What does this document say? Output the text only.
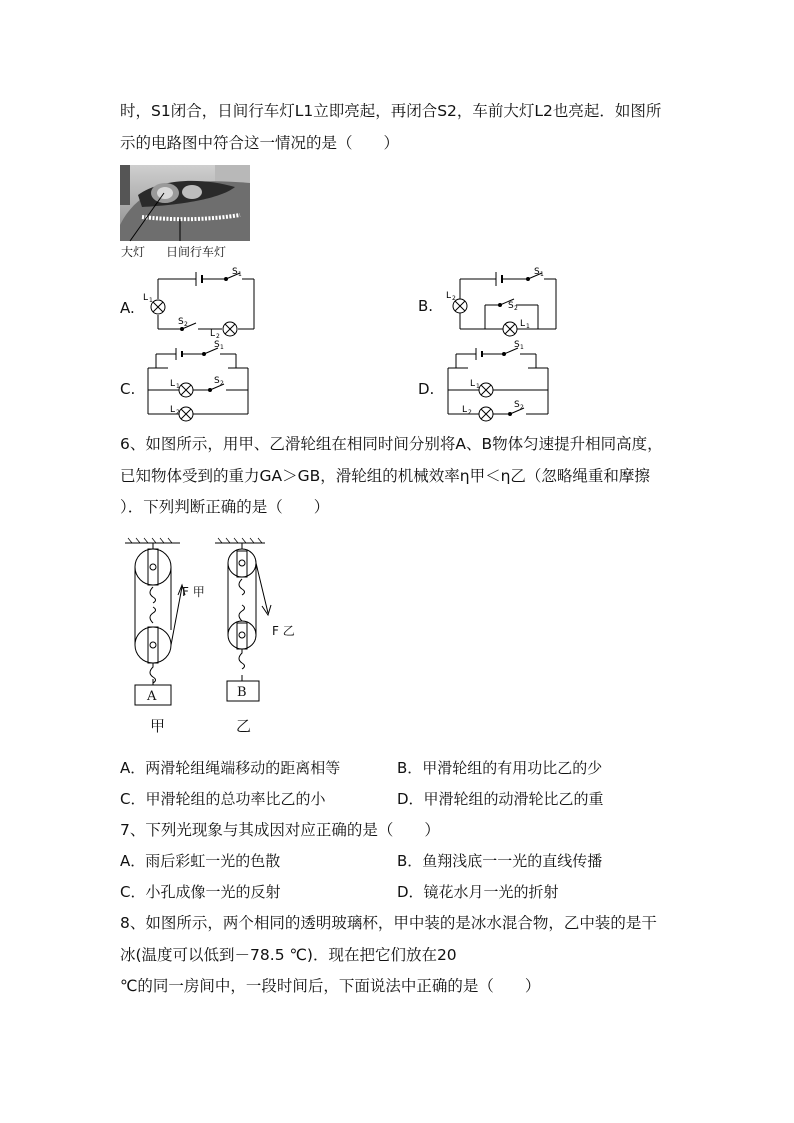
时，S1闭合，日间行车灯L1立即亮起，再闭合S2，车前大灯L2也亮起．如图所
示的电路图中符合这一情况的是（　　）
大灯 日间行车灯
A.	B.
C.	D.
S 1
L 1
S 2
L 2
S 1
L 2
S 2
L 1
S 1
L 1
S 2
L 2
S 1
L 1
S 2
L 2
6、如图所示，用甲、乙滑轮组在相同时间分别将A、B物体匀速提升相同高度，
已知物体受到的重力GA＞GB，滑轮组的机械效率η甲＜η乙（忽略绳重和摩擦
）．下列判断正确的是（　　）
A	B
F 甲
F 乙
甲	乙
A．两滑轮组绳端移动的距离相等	B．甲滑轮组的有用功比乙的少
C．甲滑轮组的总功率比乙的小	D．甲滑轮组的动滑轮比乙的重
7、下列光现象与其成因对应正确的是（　　）
A．雨后彩虹一光的色散	B．鱼翔浅底一一光的直线传播
C．小孔成像一光的反射	D．镜花水月一光的折射
8、如图所示，两个相同的透明玻璃杯，甲中装的是冰水混合物，乙中装的是干
冰(温度可以低到－78.5 ℃)．现在把它们放在20
℃的同一房间中，一段时间后，下面说法中正确的是（　　）
